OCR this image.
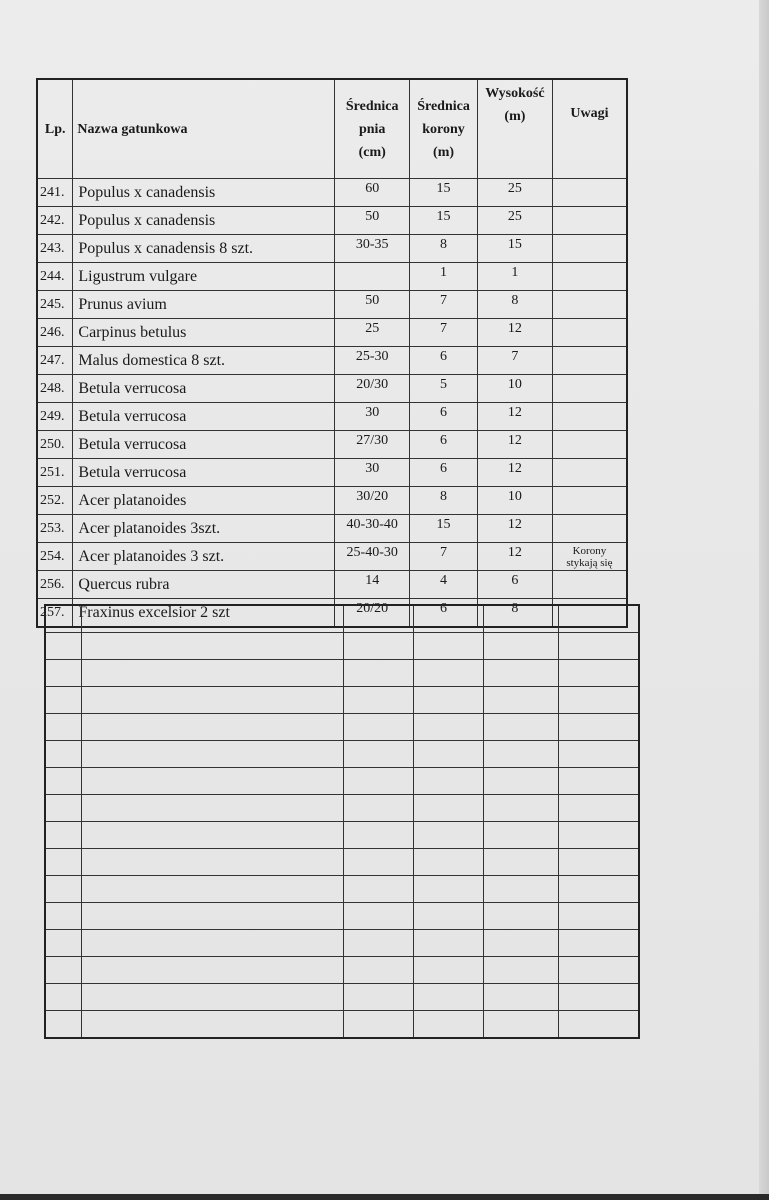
Lp.	Nazwa gatunkowa	Średnica
pnia
(cm)	Średnica
korony
(m)	Wysokość
(m)	Uwagi
241.	Populus x canadensis	60	15	25	
242.	Populus x canadensis	50	15	25	
243.	Populus x canadensis 8 szt.	30-35	8	15	
244.	Ligustrum vulgare		1	1	
245.	Prunus avium	50	7	8	
246.	Carpinus betulus	25	7	12	
247.	Malus domestica 8 szt.	25-30	6	7	
248.	Betula verrucosa	20/30	5	10	
249.	Betula verrucosa	30	6	12	
250.	Betula verrucosa	27/30	6	12	
251.	Betula verrucosa	30	6	12	
252.	Acer platanoides	30/20	8	10	
253.	Acer platanoides 3szt.	40-30-40	15	12	
254.	Acer platanoides 3 szt.	25-40-30	7	12	Korony stykają się
256.	Quercus rubra	14	4	6	
257.	Fraxinus excelsior 2 szt	20/20	6	8	
